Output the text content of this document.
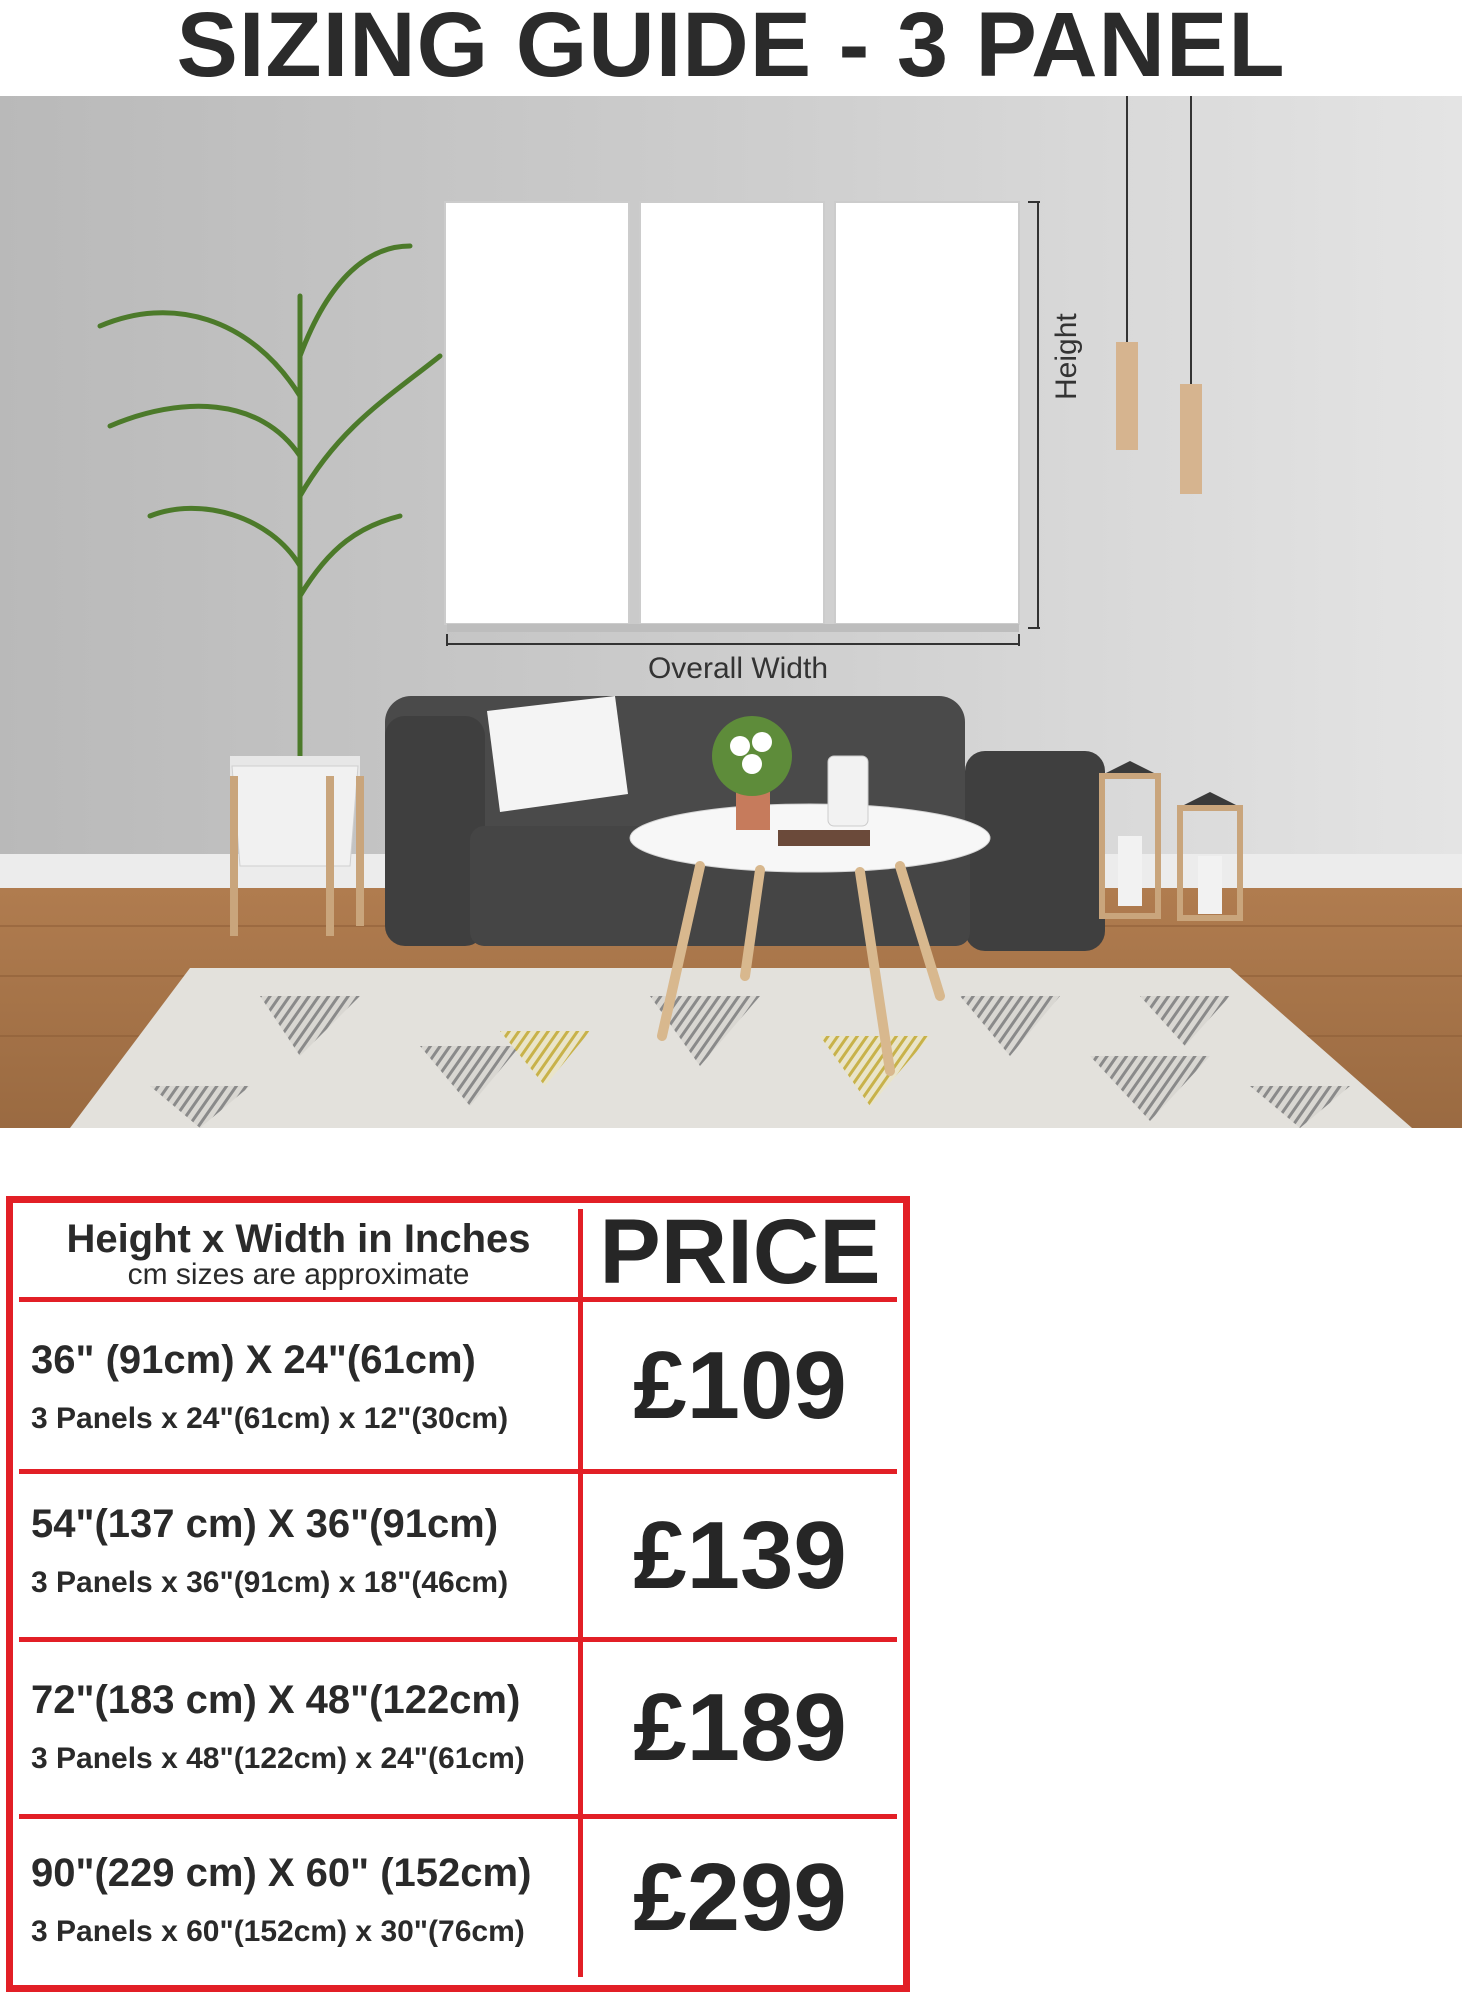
SIZING GUIDE - 3 PANEL
Height
Overall Width
Height x Width in Inches
cm sizes are approximate	PRICE
36" (91cm) X 24"(61cm)
3 Panels x 24"(61cm) x 12"(30cm)	£109
54"(137 cm) X 36"(91cm)
3 Panels x 36"(91cm) x 18"(46cm)	£139
72"(183 cm) X 48"(122cm)
3 Panels x 48"(122cm) x 24"(61cm)	£189
90"(229 cm) X 60" (152cm)
3 Panels x 60"(152cm) x 30"(76cm)	£299
